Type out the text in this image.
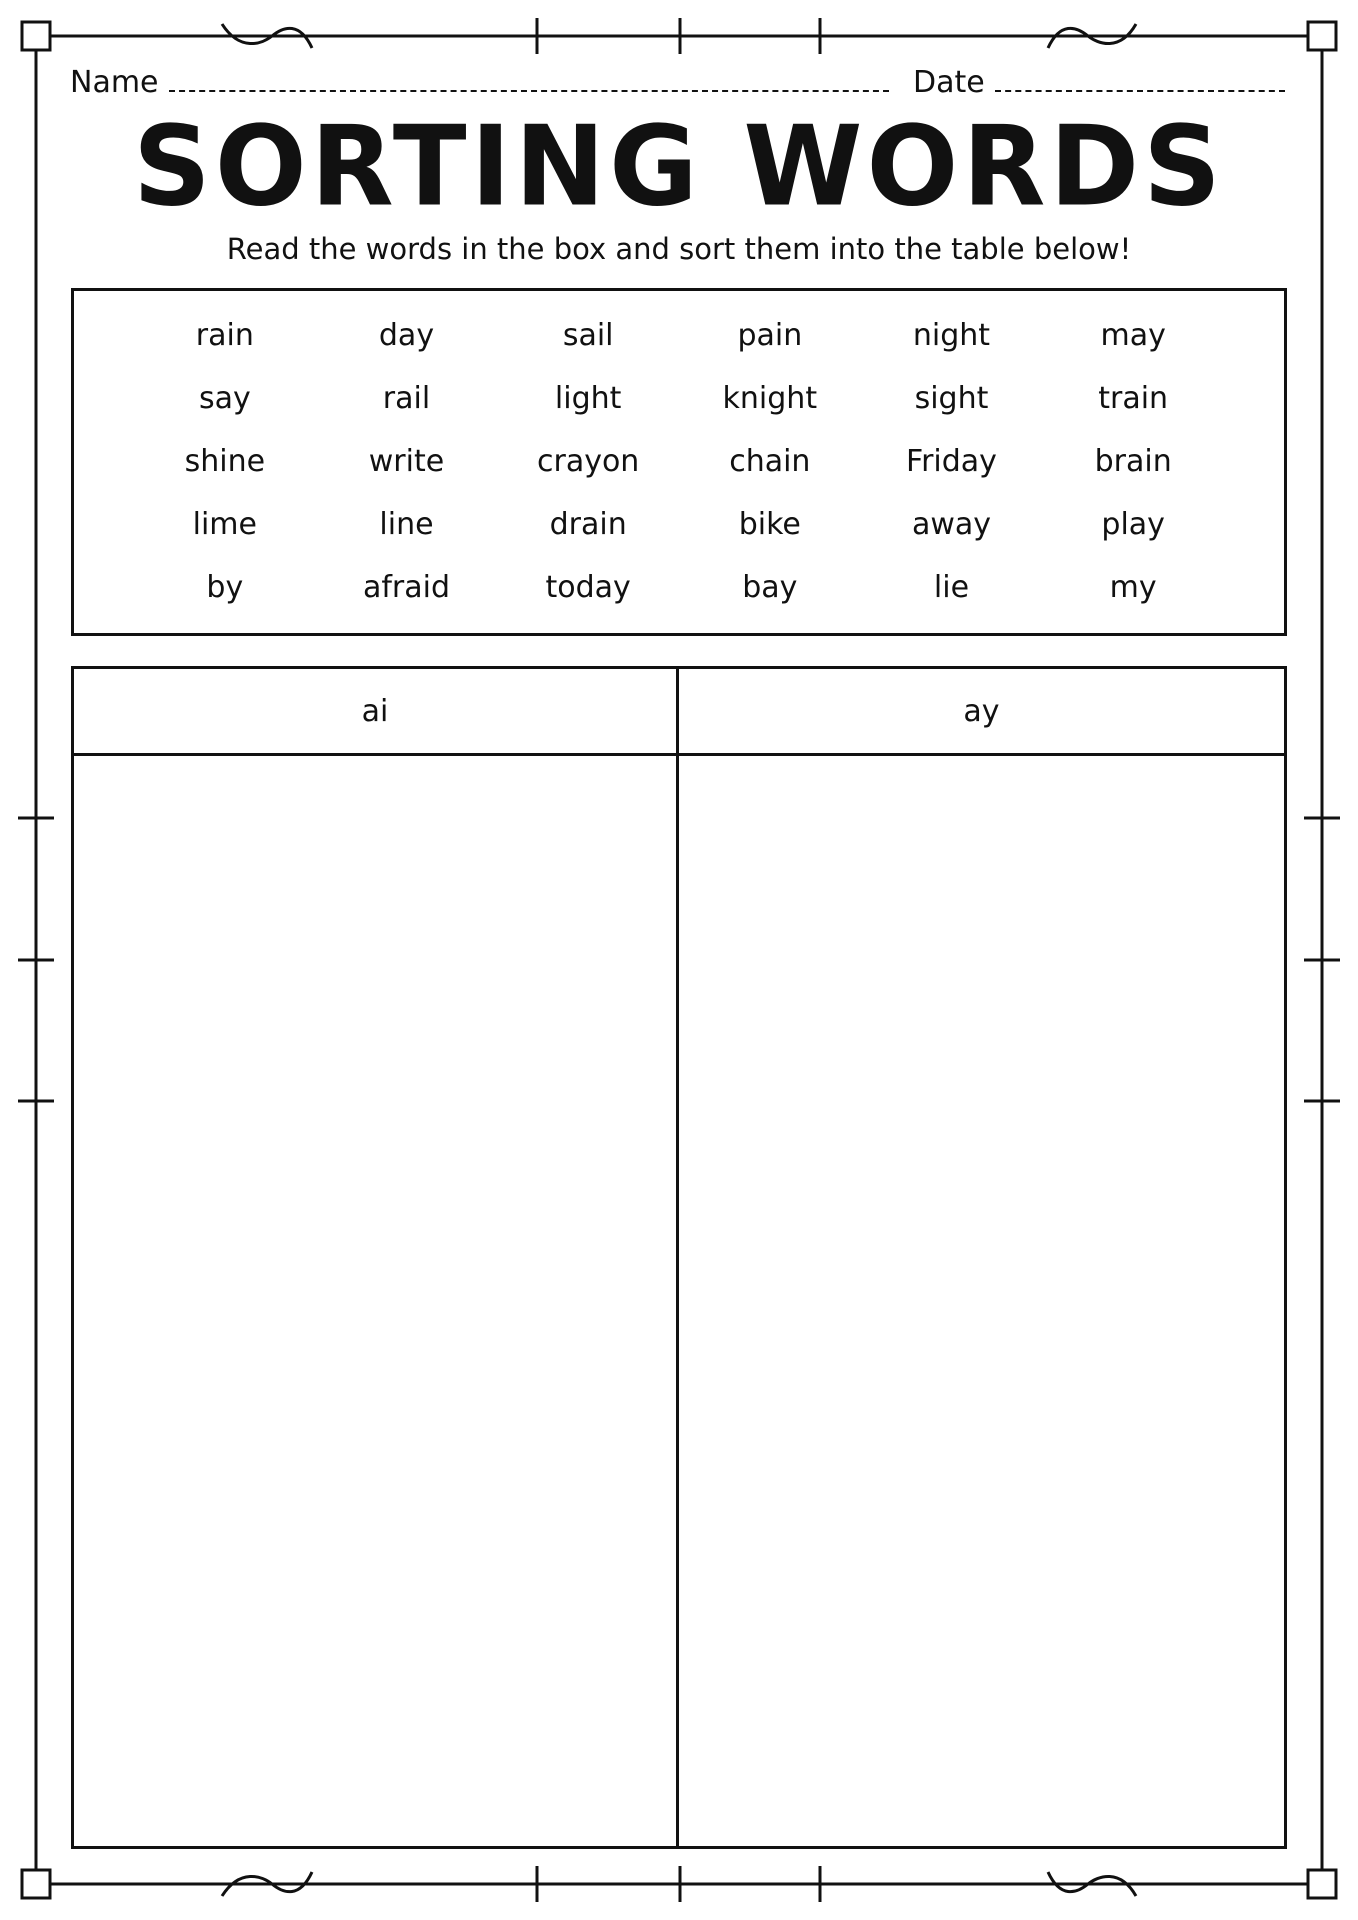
Name	Date
SORTING WORDS
Read the words in the box and sort them into the table below!
rain	day	sail	pain	night	may
say	rail	light	knight	sight	train
shine	write	crayon	chain	Friday	brain
lime	line	drain	bike	away	play
by	afraid	today	bay	lie	my
ai	ay
